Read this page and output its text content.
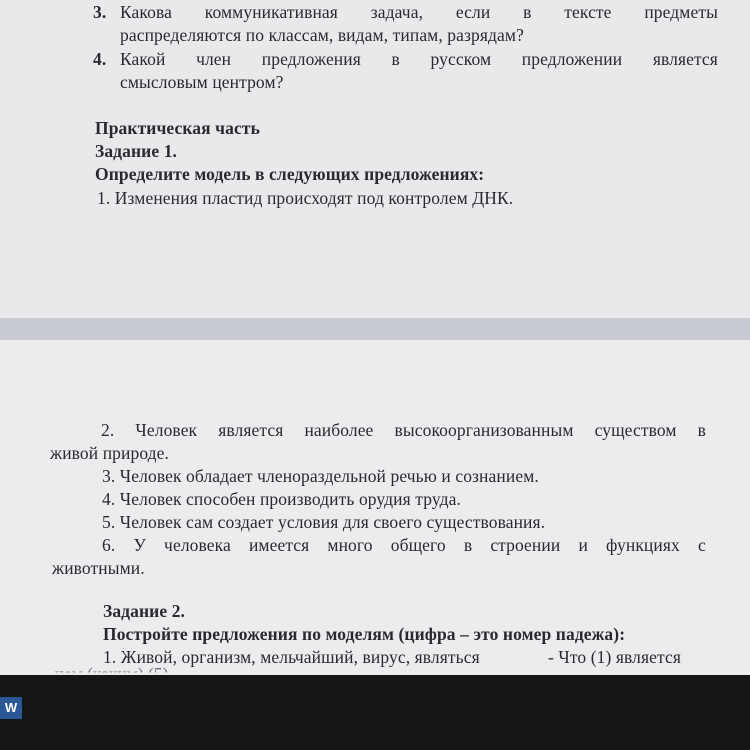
3. Какова коммуникативная задача, если в тексте предметы
распределяются по классам, видам, типам, разрядам?
4. Какой член предложения в русском предложении является
смысловым центром?
Практическая часть
Задание 1.
Определите модель в следующих предложениях:
1. Изменения пластид происходят под контролем ДНК.
2. Человек является наиболее высокоорганизованным существом в
живой природе.
3. Человек обладает членораздельной речью и сознанием.
4. Человек способен производить орудия труда.
5. Человек сам создает условия для своего существования.
6. У человека имеется много общего в строении и функциях с
животными.
Задание 2.
Постройте предложения по моделям (цифра – это номер падежа):
1. Живой, организм, мельчайший, вирус, являться	- Что (1) является
W
